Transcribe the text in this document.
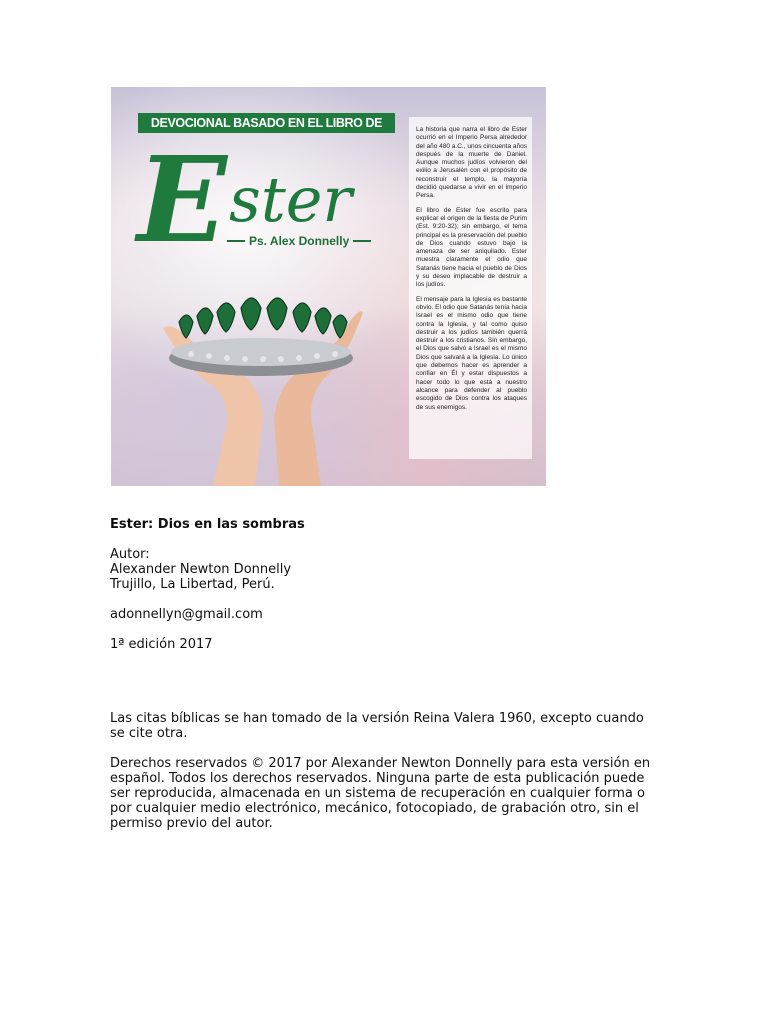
DEVOCIONAL BASADO EN EL LIBRO DE
E ster
Ps. Alex Donnelly

La historia que narra el libro de Ester ocurrió en el Imperio Persa alrededor del año 480 a.C., unos cincuenta años después de la muerte de Daniel. Aunque muchos judíos volvieron del exilio a Jerusalén con el propósito de reconstruir el templo, la mayoría decidió quedarse a vivir en el Imperio Persa.

El libro de Ester fue escrito para explicar el origen de la fiesta de Purim (Est. 9:20-32); sin embargo, el tema principal es la preservación del pueblo de Dios cuando estuvo bajo la amenaza de ser aniquilado. Ester muestra claramente el odio que Satanás tiene hacia el pueblo de Dios y su deseo implacable de destruir a los judíos.

El mensaje para la Iglesia es bastante obvio. El odio que Satanás tenía hacia Israel es el mismo odio que tiene contra la Iglesia, y tal como quiso destruir a los judíos también querrá destruir a los cristianos. Sin embargo, el Dios que salvó a Israel es el mismo Dios que salvará a la Iglesia. Lo único que debemos hacer es aprender a confiar en Él y estar dispuestos a hacer todo lo que está a nuestro alcance para defender al pueblo escogido de Dios contra los ataques de sus enemigos.

Ester: Dios en las sombras

Autor:
Alexander Newton Donnelly
Trujillo, La Libertad, Perú.

adonnellyn@gmail.com

1ª edición 2017

Las citas bíblicas se han tomado de la versión Reina Valera 1960, excepto cuando se cite otra.

Derechos reservados © 2017 por Alexander Newton Donnelly para esta versión en español. Todos los derechos reservados. Ninguna parte de esta publicación puede ser reproducida, almacenada en un sistema de recuperación en cualquier forma o por cualquier medio electrónico, mecánico, fotocopiado, de grabación otro, sin el permiso previo del autor.
